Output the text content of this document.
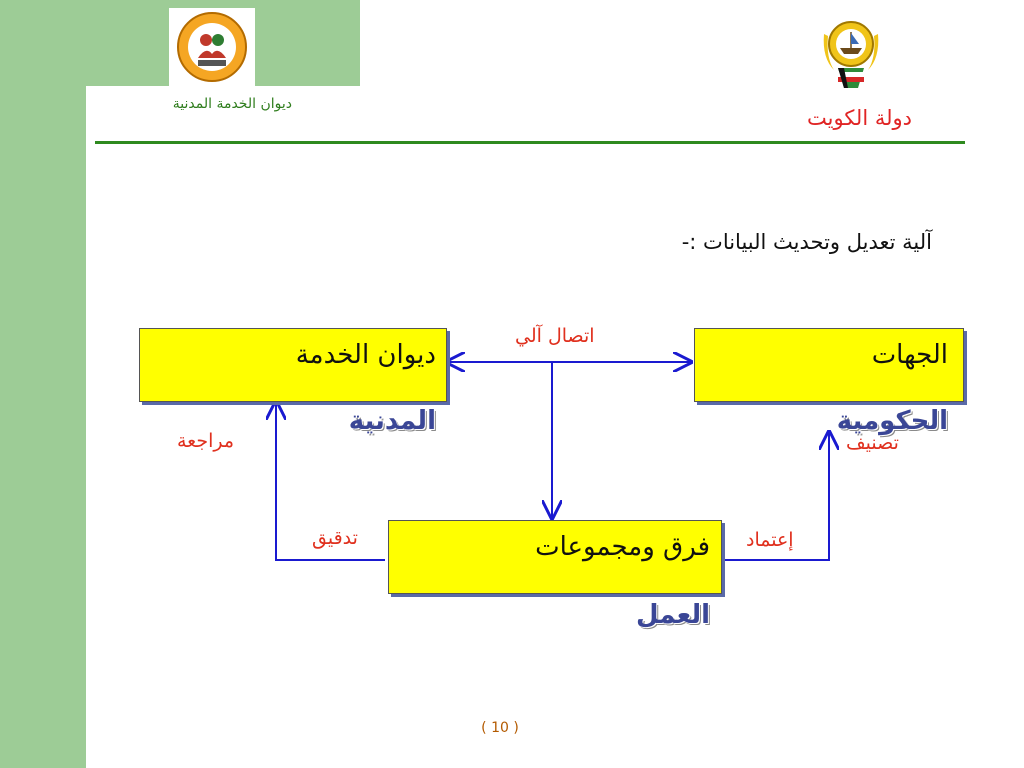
ديوان الخدمة المدنية
دولة الكويت
آلية تعديل وتحديث البيانات :-
ديوان الخدمة
المدنية
الجهات
الحكومية
فرق ومجموعات
العمل
اتصال آلي
مراجعة	تصنيف
تدقيق	إعتماد
( 10 )
